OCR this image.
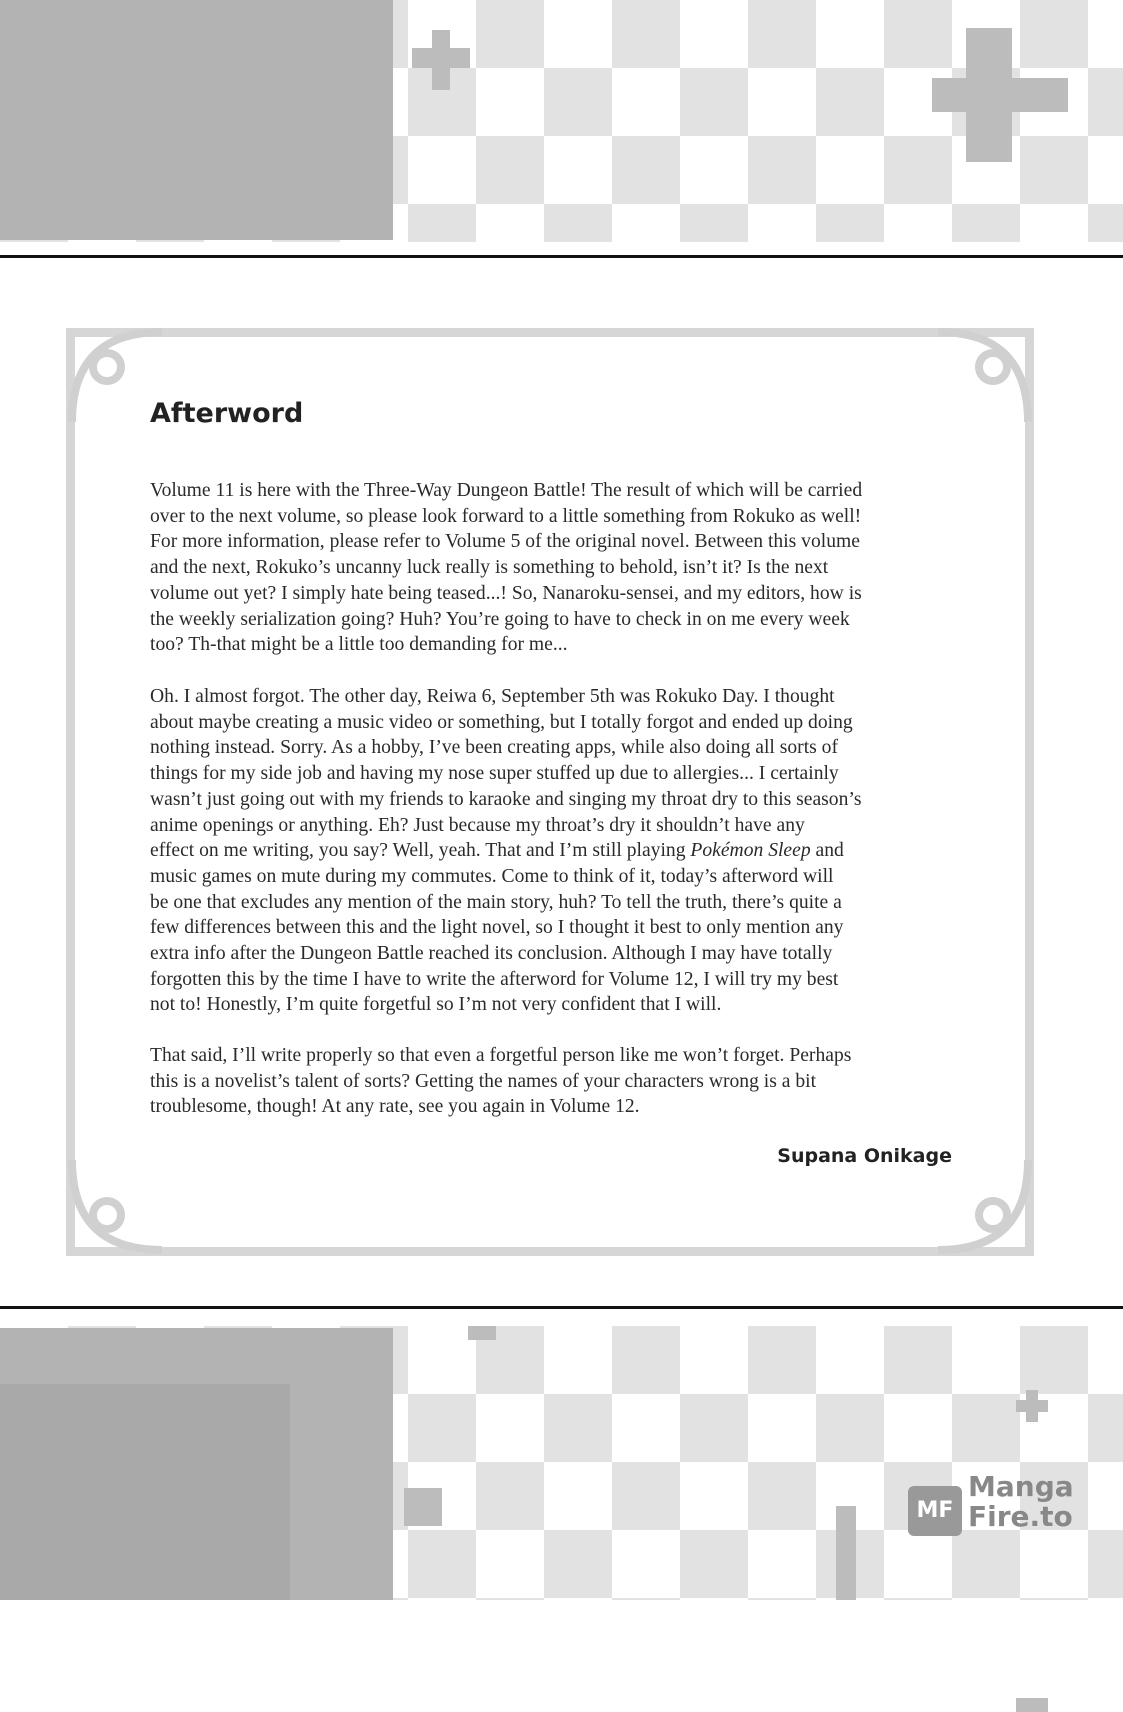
Afterword
Volume 11 is here with the Three-Way Dungeon Battle! The result of which will be carried
over to the next volume, so please look forward to a little something from Rokuko as well!
For more information, please refer to Volume 5 of the original novel. Between this volume
and the next, Rokuko’s uncanny luck really is something to behold, isn’t it? Is the next
volume out yet? I simply hate being teased...! So, Nanaroku-sensei, and my editors, how is
the weekly serialization going? Huh? You’re going to have to check in on me every week
too? Th-that might be a little too demanding for me...
Oh. I almost forgot. The other day, Reiwa 6, September 5th was Rokuko Day. I thought
about maybe creating a music video or something, but I totally forgot and ended up doing
nothing instead. Sorry. As a hobby, I’ve been creating apps, while also doing all sorts of
things for my side job and having my nose super stuffed up due to allergies... I certainly
wasn’t just going out with my friends to karaoke and singing my throat dry to this season’s
anime openings or anything. Eh? Just because my throat’s dry it shouldn’t have any
effect on me writing, you say? Well, yeah. That and I’m still playing Pokémon Sleep and
music games on mute during my commutes. Come to think of it, today’s afterword will
be one that excludes any mention of the main story, huh? To tell the truth, there’s quite a
few differences between this and the light novel, so I thought it best to only mention any
extra info after the Dungeon Battle reached its conclusion. Although I may have totally
forgotten this by the time I have to write the afterword for Volume 12, I will try my best
not to! Honestly, I’m quite forgetful so I’m not very confident that I will.
That said, I’ll write properly so that even a forgetful person like me won’t forget. Perhaps
this is a novelist’s talent of sorts? Getting the names of your characters wrong is a bit
troublesome, though! At any rate, see you again in Volume 12.
Supana Onikage
MF
Manga
Fire.to
